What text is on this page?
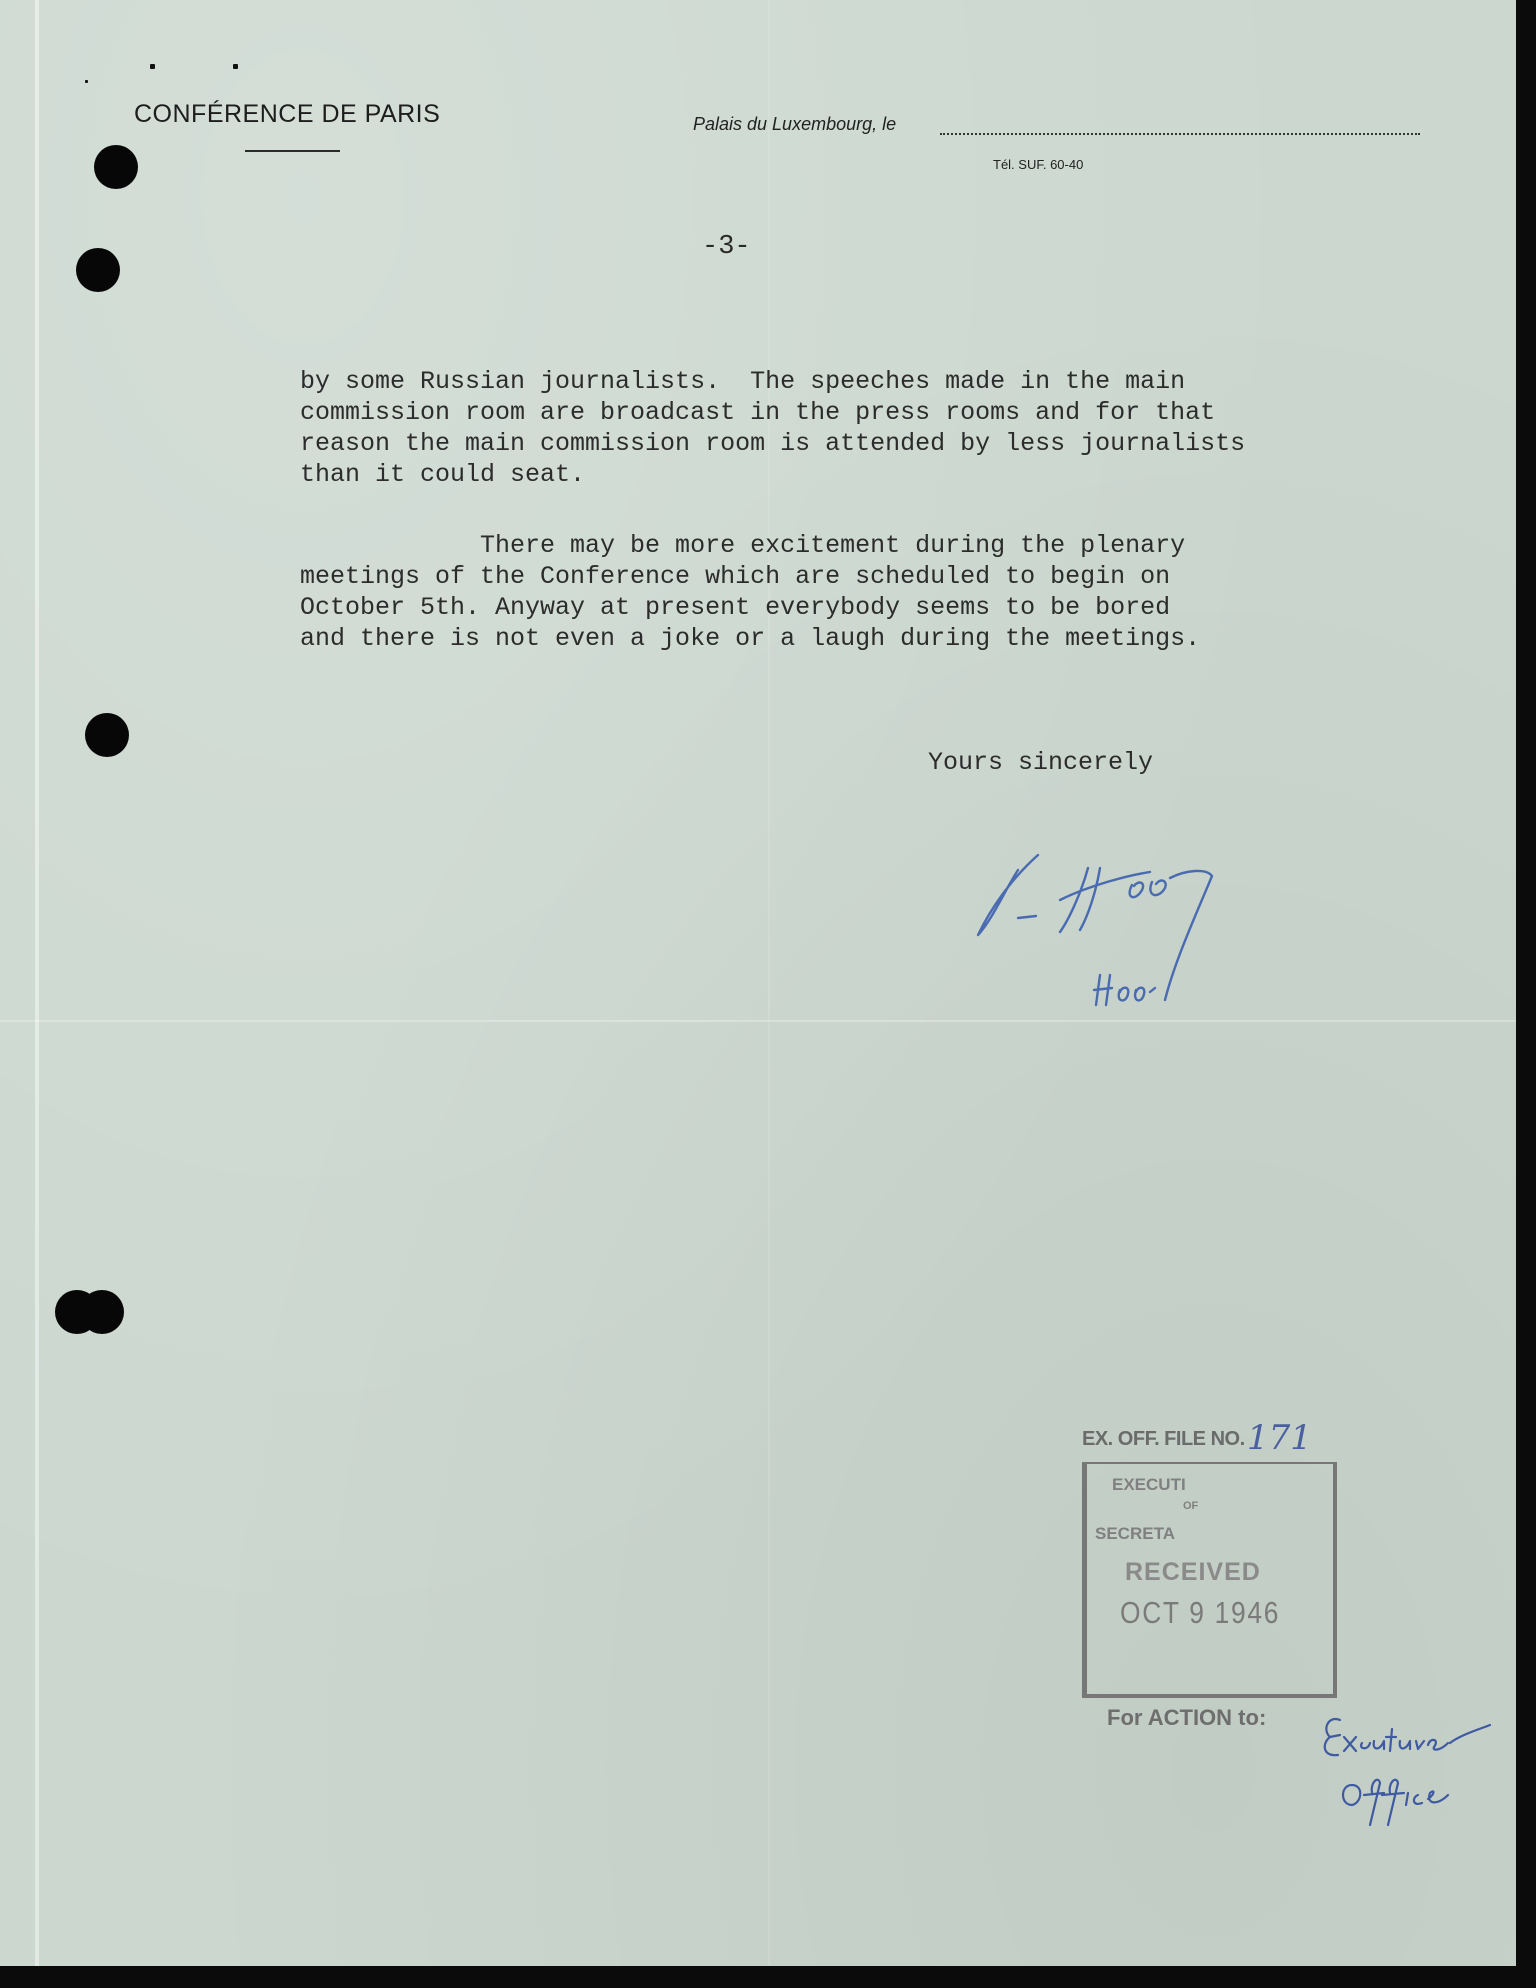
CONFÉRENCE DE PARIS	Palais du Luxembourg, le
Tél. SUF. 60-40
-3-
by some Russian journalists.  The speeches made in the main
commission room are broadcast in the press rooms and for that
reason the main commission room is attended by less journalists
than it could seat.
There may be more excitement during the plenary
meetings of the Conference which are scheduled to begin on
October 5th. Anyway at present everybody seems to be bored
and there is not even a joke or a laugh during the meetings.
Yours sincerely
EX. OFF. FILE NO. 171
EXECUTI
OF
SECRETA
RECEIVED
OCT 9 1946
For ACTION to:
